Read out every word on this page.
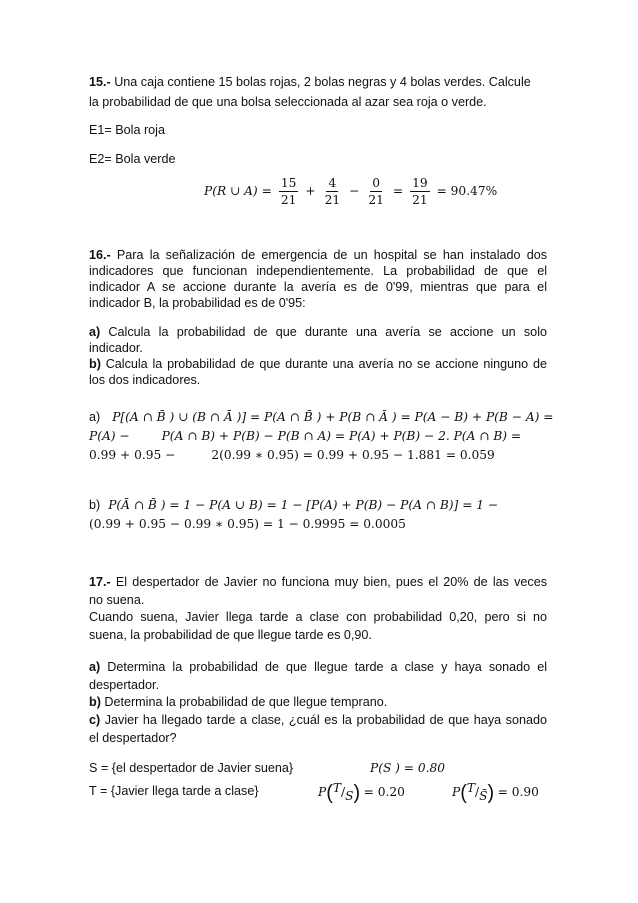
15.- Una caja contiene 15 bolas rojas, 2 bolas negras y 4 bolas verdes. Calcule
la probabilidad de que una bolsa seleccionada al azar sea roja o verde.
E1= Bola roja
E2= Bola verde
P(R ∪ $A) = \frac{15}{21} + \frac{4}{21} - \frac{0}{21} = \frac{19}{21} = 90.47\%$
16.- Para la señalización de emergencia de un hospital se han instalado dos
indicadores que funcionan independientemente. La probabilidad de que el
indicador A se accione durante la avería es de 0'99, mientras que para el
indicador B, la probabilidad es de 0'95:
a) Calcula la probabilidad de que durante una avería se accione un solo
indicador.
b) Calcula la probabilidad de que durante una avería no se accione ninguno de
los dos indicadores.
a) P[(A ∩ B̄ ) ∪ (B ∩ Ā )] = P(A ∩ B̄ ) + P(B ∩ Ā ) = P(A − B) + P(B − A) =
P(A) −	P(A ∩ B) + P(B) − P(B ∩ A) = P(A) + P(B) − 2. P(A ∩ B) =
0.99 + 0.95 −	2(0.99 ∗ 0.95) = 0.99 + 0.95 − 1.881 = 0.059
b) P(Ā ∩ B̄ ) = 1 − P(A ∪ B) = 1 − [P(A) + P(B) − P(A ∩ B)] = 1 −
(0.99 + 0.95 − 0.99 ∗ 0.95) = 1 − 0.9995 = 0.0005
17.- El despertador de Javier no funciona muy bien, pues el 20% de las veces
no suena.
Cuando suena, Javier llega tarde a clase con probabilidad 0,20, pero si no
suena, la probabilidad de que llegue tarde es 0,90.
a) Determina la probabilidad de que llegue tarde a clase y haya sonado el
despertador.
b) Determina la probabilidad de que llegue temprano.
c) Javier ha llegado tarde a clase, ¿cuál es la probabilidad de que haya sonado
el despertador?
S = {el despertador de Javier suena}	P(S ) = 0.80
T = {Javier llega tarde a clase}	P(T/S) = 0.20	P(T/S̄) = 0.90
